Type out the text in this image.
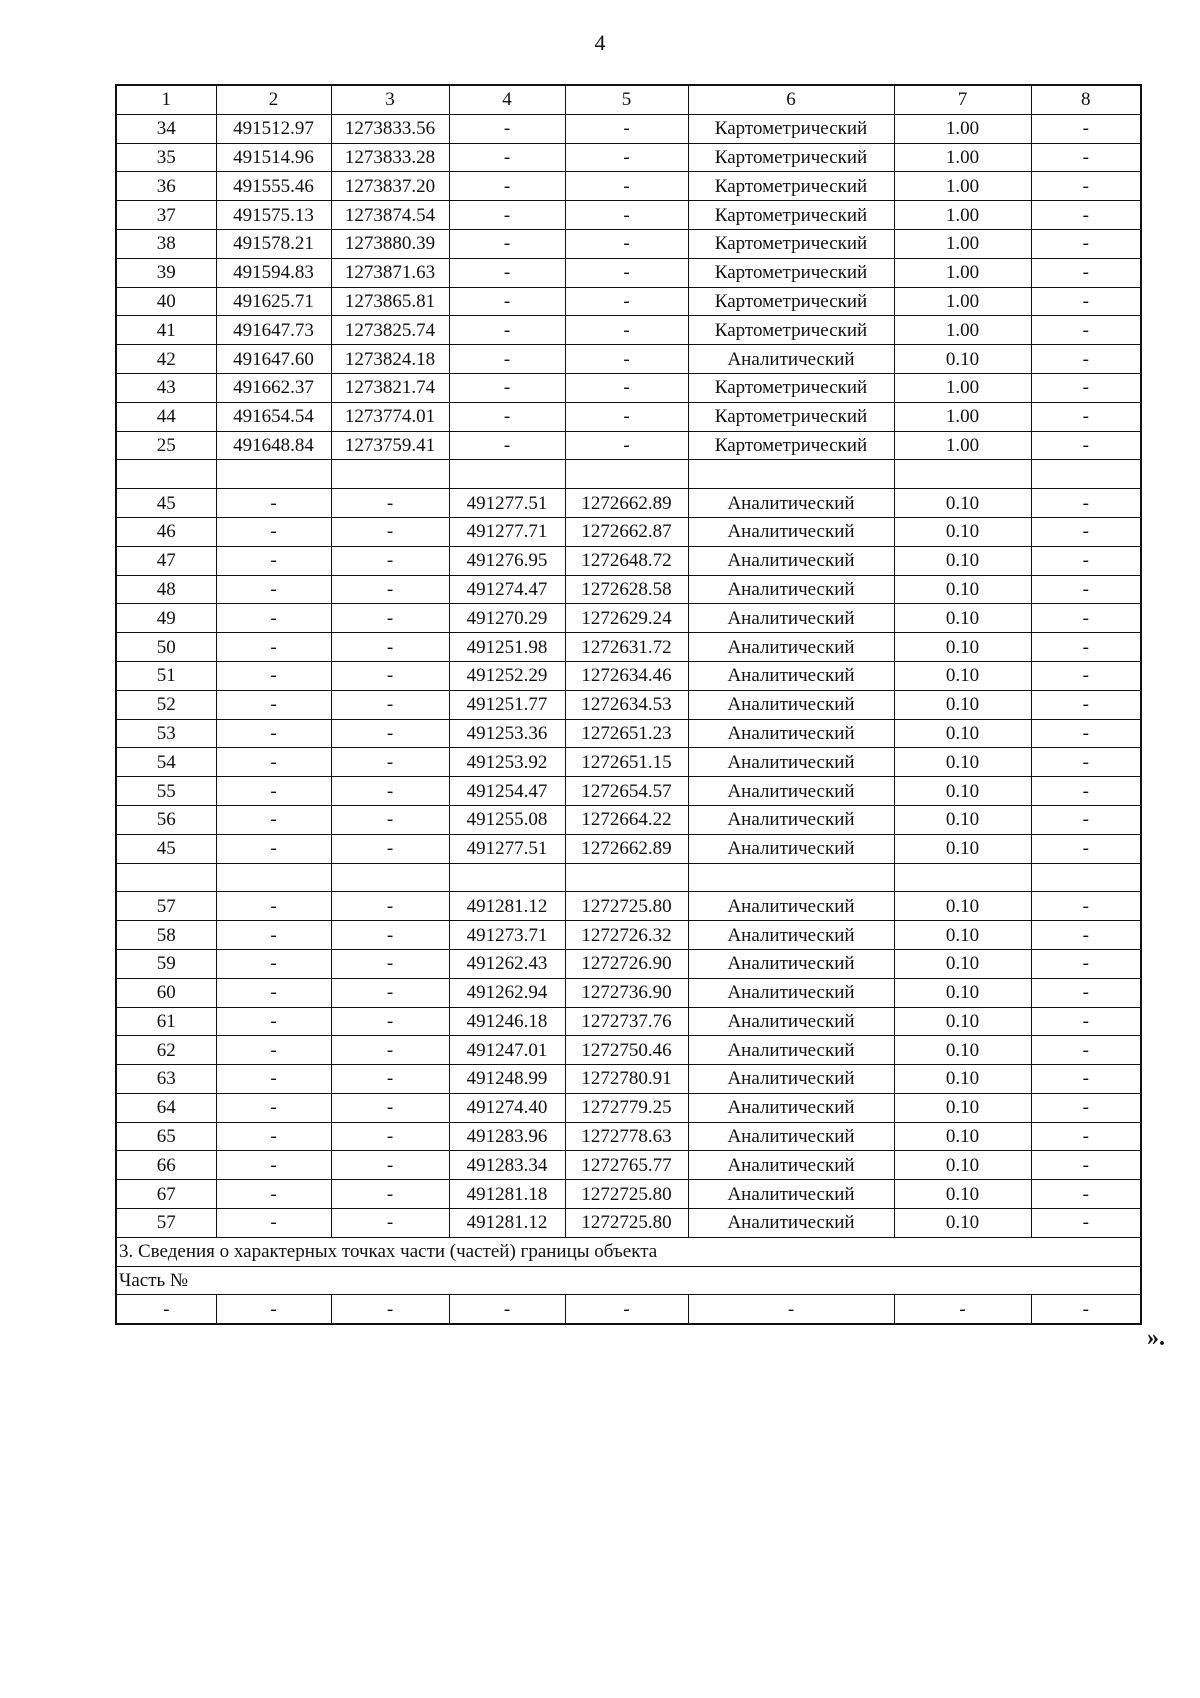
4
1	2	3	4	5	6	7	8
34	491512.97	1273833.56	-	-	Картометрический	1.00	-
35	491514.96	1273833.28	-	-	Картометрический	1.00	-
36	491555.46	1273837.20	-	-	Картометрический	1.00	-
37	491575.13	1273874.54	-	-	Картометрический	1.00	-
38	491578.21	1273880.39	-	-	Картометрический	1.00	-
39	491594.83	1273871.63	-	-	Картометрический	1.00	-
40	491625.71	1273865.81	-	-	Картометрический	1.00	-
41	491647.73	1273825.74	-	-	Картометрический	1.00	-
42	491647.60	1273824.18	-	-	Аналитический	0.10	-
43	491662.37	1273821.74	-	-	Картометрический	1.00	-
44	491654.54	1273774.01	-	-	Картометрический	1.00	-
25	491648.84	1273759.41	-	-	Картометрический	1.00	-

45	-	-	491277.51	1272662.89	Аналитический	0.10	-
46	-	-	491277.71	1272662.87	Аналитический	0.10	-
47	-	-	491276.95	1272648.72	Аналитический	0.10	-
48	-	-	491274.47	1272628.58	Аналитический	0.10	-
49	-	-	491270.29	1272629.24	Аналитический	0.10	-
50	-	-	491251.98	1272631.72	Аналитический	0.10	-
51	-	-	491252.29	1272634.46	Аналитический	0.10	-
52	-	-	491251.77	1272634.53	Аналитический	0.10	-
53	-	-	491253.36	1272651.23	Аналитический	0.10	-
54	-	-	491253.92	1272651.15	Аналитический	0.10	-
55	-	-	491254.47	1272654.57	Аналитический	0.10	-
56	-	-	491255.08	1272664.22	Аналитический	0.10	-
45	-	-	491277.51	1272662.89	Аналитический	0.10	-

57	-	-	491281.12	1272725.80	Аналитический	0.10	-
58	-	-	491273.71	1272726.32	Аналитический	0.10	-
59	-	-	491262.43	1272726.90	Аналитический	0.10	-
60	-	-	491262.94	1272736.90	Аналитический	0.10	-
61	-	-	491246.18	1272737.76	Аналитический	0.10	-
62	-	-	491247.01	1272750.46	Аналитический	0.10	-
63	-	-	491248.99	1272780.91	Аналитический	0.10	-
64	-	-	491274.40	1272779.25	Аналитический	0.10	-
65	-	-	491283.96	1272778.63	Аналитический	0.10	-
66	-	-	491283.34	1272765.77	Аналитический	0.10	-
67	-	-	491281.18	1272725.80	Аналитический	0.10	-
57	-	-	491281.12	1272725.80	Аналитический	0.10	-
3. Сведения о характерных точках части (частей) границы объекта							
Часть №							
-	-	-	-	-	-	-	-
».
